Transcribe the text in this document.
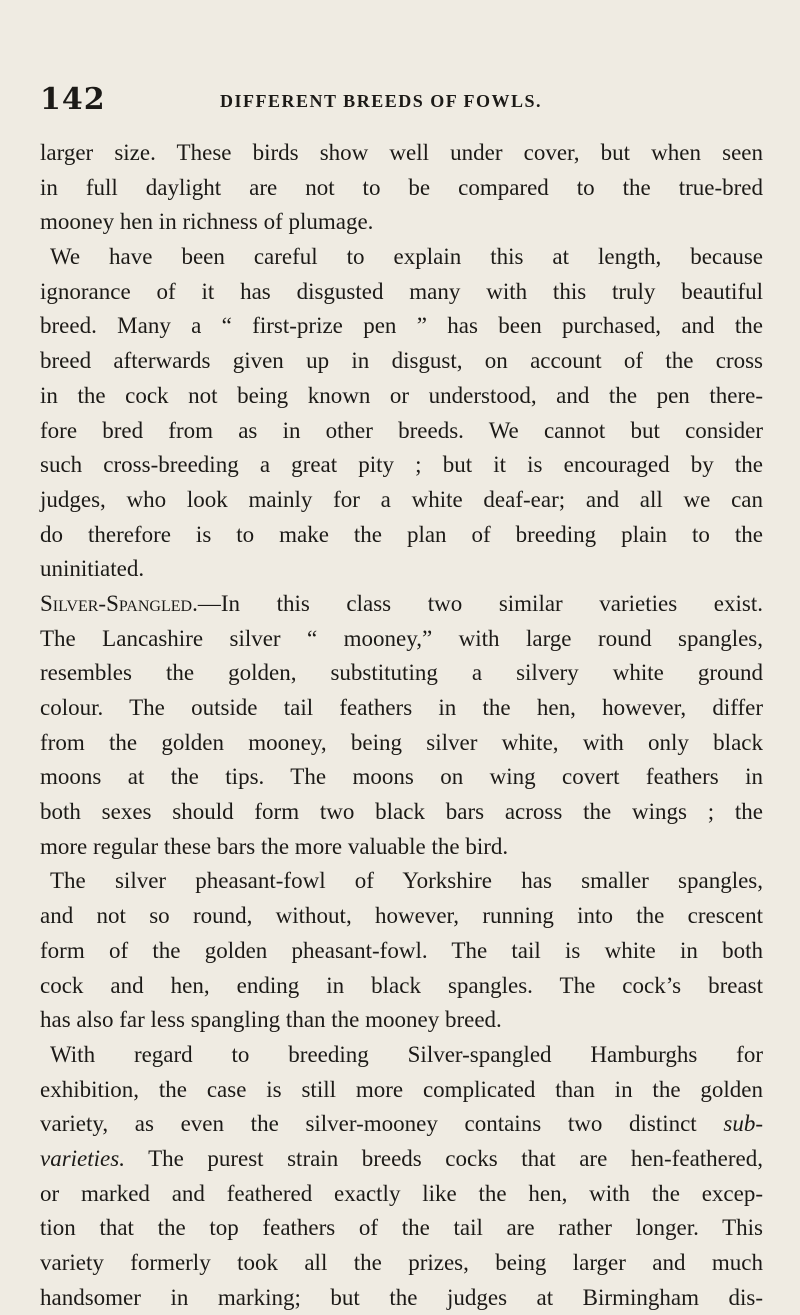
142	DIFFERENT BREEDS OF FOWLS.
larger size. These birds show well under cover, but when seen
in full daylight are not to be compared to the true-bred
mooney hen in richness of plumage.
We have been careful to explain this at length, because
ignorance of it has disgusted many with this truly beautiful
breed. Many a “ first-prize pen ” has been purchased, and the
breed afterwards given up in disgust, on account of the cross
in the cock not being known or understood, and the pen there-
fore bred from as in other breeds. We cannot but consider
such cross-breeding a great pity ; but it is encouraged by the
judges, who look mainly for a white deaf-ear; and all we can
do therefore is to make the plan of breeding plain to the
uninitiated.
Silver-Spangled.—In this class two similar varieties exist.
The Lancashire silver “ mooney,” with large round spangles,
resembles the golden, substituting a silvery white ground
colour. The outside tail feathers in the hen, however, differ
from the golden mooney, being silver white, with only black
moons at the tips. The moons on wing covert feathers in
both sexes should form two black bars across the wings ; the
more regular these bars the more valuable the bird.
The silver pheasant-fowl of Yorkshire has smaller spangles,
and not so round, without, however, running into the crescent
form of the golden pheasant-fowl. The tail is white in both
cock and hen, ending in black spangles. The cock’s breast
has also far less spangling than the mooney breed.
With regard to breeding Silver-spangled Hamburghs for
exhibition, the case is still more complicated than in the golden
variety, as even the silver-mooney contains two distinct sub-
varieties. The purest strain breeds cocks that are hen-feathered,
or marked and feathered exactly like the hen, with the excep-
tion that the top feathers of the tail are rather longer. This
variety formerly took all the prizes, being larger and much
handsomer in marking; but the judges at Birmingham dis-
